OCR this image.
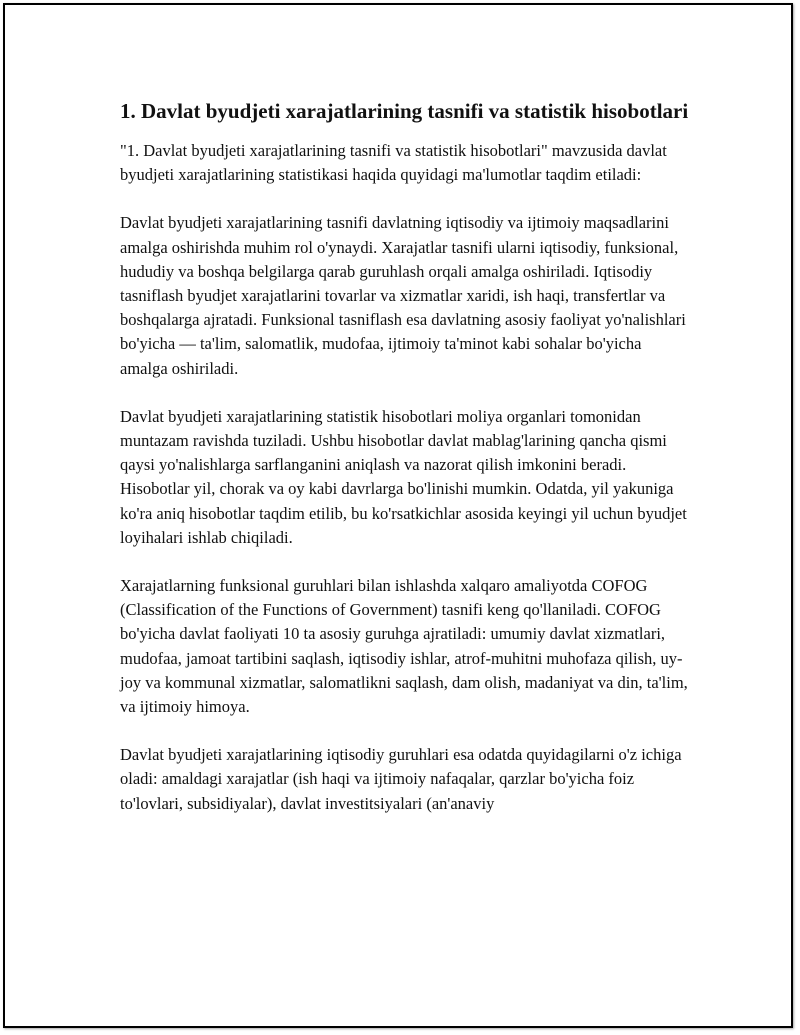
1. Davlat byudjeti xarajatlarining tasnifi va statistik hisobotlari

"1. Davlat byudjeti xarajatlarining tasnifi va statistik hisobotlari" mavzusida davlat byudjeti xarajatlarining statistikasi haqida quyidagi ma'lumotlar taqdim etiladi:

Davlat byudjeti xarajatlarining tasnifi davlatning iqtisodiy va ijtimoiy maqsadlarini amalga oshirishda muhim rol o'ynaydi. Xarajatlar tasnifi ularni iqtisodiy, funksional, hududiy va boshqa belgilarga qarab guruhlash orqali amalga oshiriladi. Iqtisodiy tasniflash byudjet xarajatlarini tovarlar va xizmatlar xaridi, ish haqi, transfertlar va boshqalarga ajratadi. Funksional tasniflash esa davlatning asosiy faoliyat yo'nalishlari bo'yicha — ta'lim, salomatlik, mudofaa, ijtimoiy ta'minot kabi sohalar bo'yicha amalga oshiriladi.

Davlat byudjeti xarajatlarining statistik hisobotlari moliya organlari tomonidan muntazam ravishda tuziladi. Ushbu hisobotlar davlat mablag'larining qancha qismi qaysi yo'nalishlarga sarflanganini aniqlash va nazorat qilish imkonini beradi. Hisobotlar yil, chorak va oy kabi davrlarga bo'linishi mumkin. Odatda, yil yakuniga ko'ra aniq hisobotlar taqdim etilib, bu ko'rsatkichlar asosida keyingi yil uchun byudjet loyihalari ishlab chiqiladi.

Xarajatlarning funksional guruhlari bilan ishlashda xalqaro amaliyotda COFOG (Classification of the Functions of Government) tasnifi keng qo'llaniladi. COFOG bo'yicha davlat faoliyati 10 ta asosiy guruhga ajratiladi: umumiy davlat xizmatlari, mudofaa, jamoat tartibini saqlash, iqtisodiy ishlar, atrof-muhitni muhofaza qilish, uy-joy va kommunal xizmatlar, salomatlikni saqlash, dam olish, madaniyat va din, ta'lim, va ijtimoiy himoya.

Davlat byudjeti xarajatlarining iqtisodiy guruhlari esa odatda quyidagilarni o'z ichiga oladi: amaldagi xarajatlar (ish haqi va ijtimoiy nafaqalar, qarzlar bo'yicha foiz to'lovlari, subsidiyalar), davlat investitsiyalari (an'anaviy
